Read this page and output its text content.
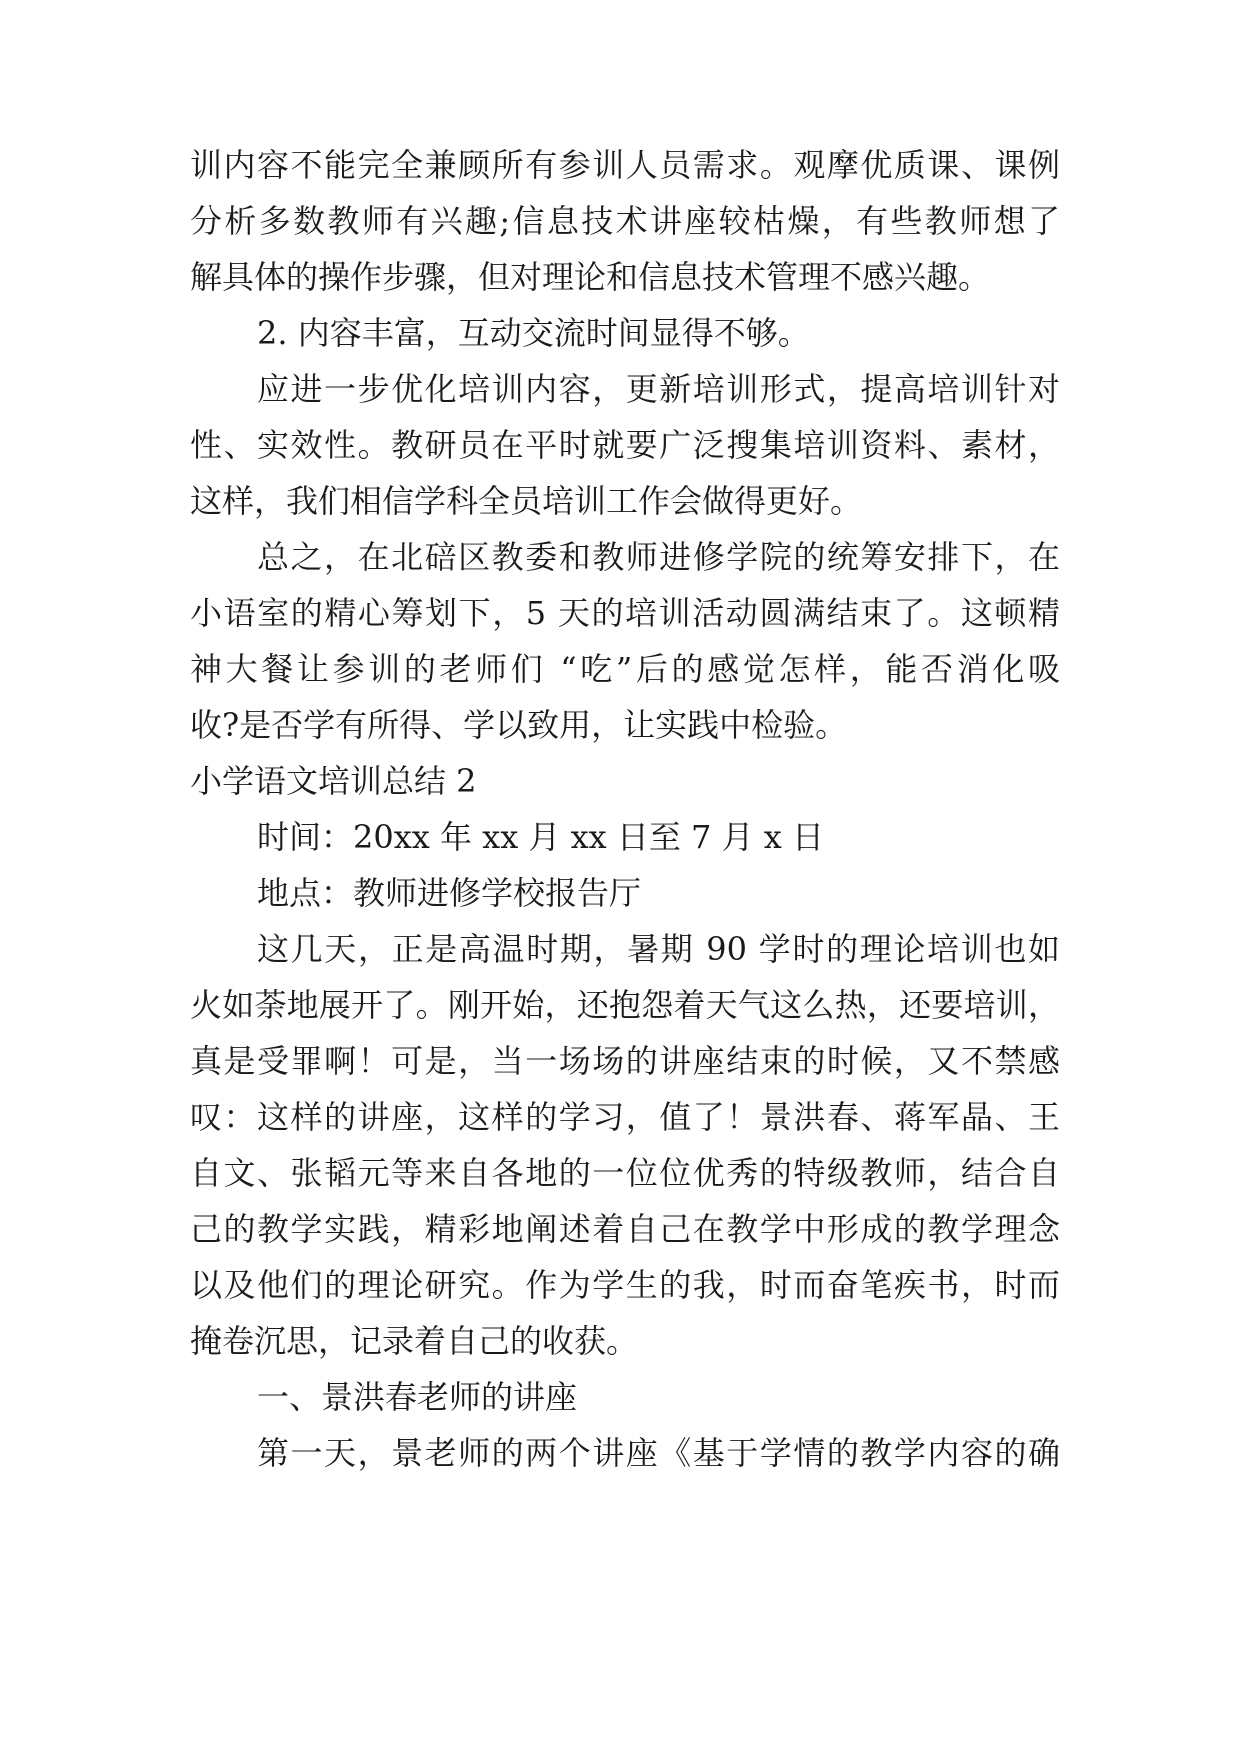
训内容不能完全兼顾所有参训人员需求。观摩优质课、课例
分析多数教师有兴趣;信息技术讲座较枯燥，有些教师想了
解具体的操作步骤，但对理论和信息技术管理不感兴趣。
2. 内容丰富，互动交流时间显得不够。
应进一步优化培训内容，更新培训形式，提高培训针对
性、实效性。教研员在平时就要广泛搜集培训资料、素材，
这样，我们相信学科全员培训工作会做得更好。
总之，在北碚区教委和教师进修学院的统筹安排下，在
小语室的精心筹划下，5 天的培训活动圆满结束了。这顿精
神大餐让参训的老师们 “吃”后的感觉怎样，能否消化吸
收?是否学有所得、学以致用，让实践中检验。
小学语文培训总结 2
时间：20xx 年 xx 月 xx 日至 7 月 x 日
地点：教师进修学校报告厅
这几天，正是高温时期，暑期 90 学时的理论培训也如
火如荼地展开了。刚开始，还抱怨着天气这么热，还要培训，
真是受罪啊！可是，当一场场的讲座结束的时候，又不禁感
叹：这样的讲座，这样的学习，值了！景洪春、蒋军晶、王
自文、张韬元等来自各地的一位位优秀的特级教师，结合自
己的教学实践，精彩地阐述着自己在教学中形成的教学理念
以及他们的理论研究。作为学生的我，时而奋笔疾书，时而
掩卷沉思，记录着自己的收获。
一、景洪春老师的讲座
第一天，景老师的两个讲座《基于学情的教学内容的确
